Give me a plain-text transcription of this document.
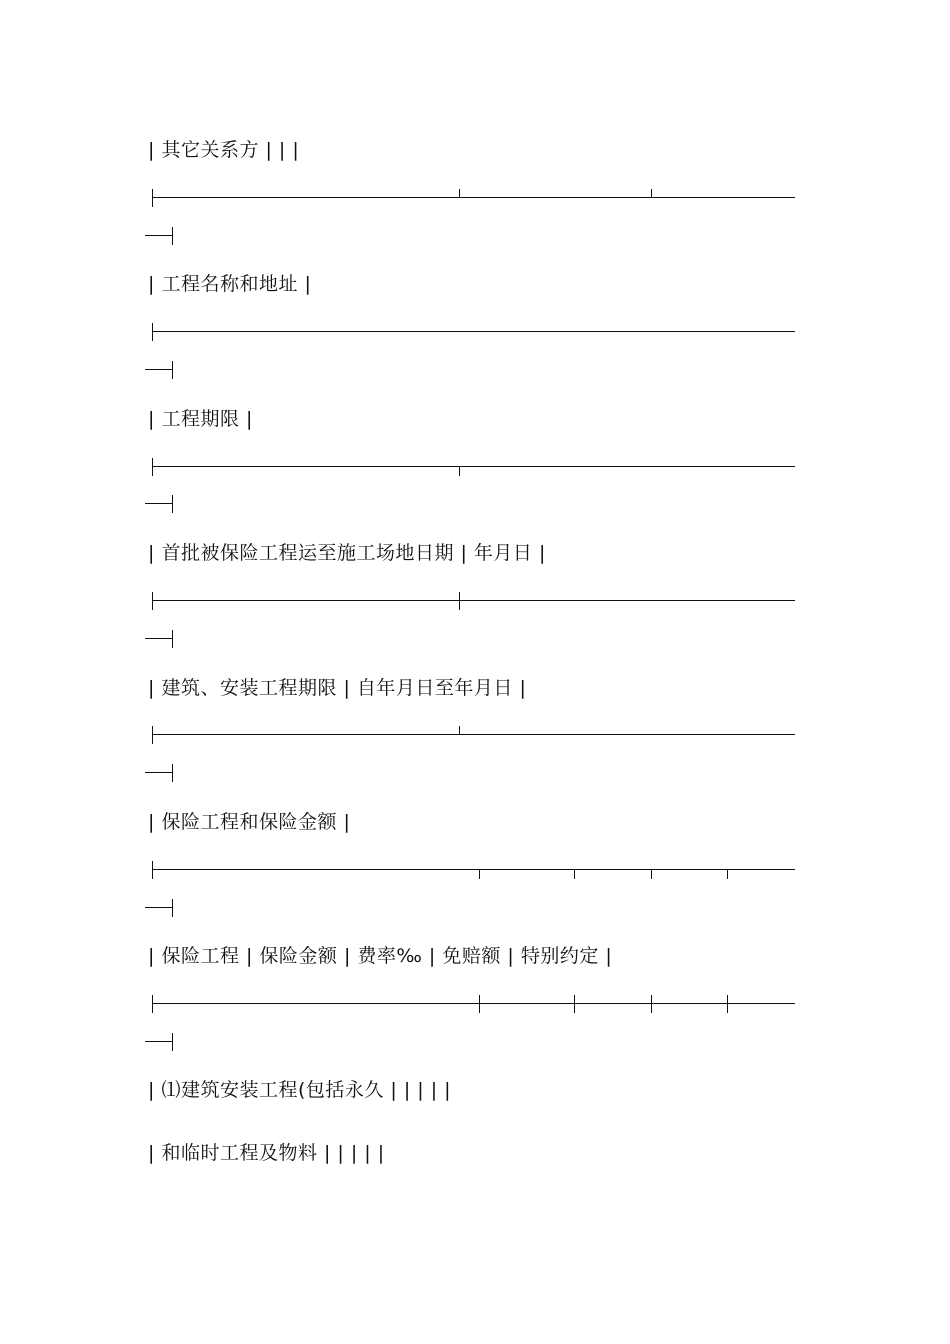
| 其它关系方 | | |
| 工程名称和地址 |
| 工程期限 |
| 首批被保险工程运至施工场地日期 | 年月日 |
| 建筑、安装工程期限 | 自年月日至年月日 |
| 保险工程和保险金额 |
| 保险工程 | 保险金额 | 费率‰ | 免赔额 | 特别约定 |
| ⑴建筑安装工程(包括永久 | | | | |
| 和临时工程及物料 | | | | |
